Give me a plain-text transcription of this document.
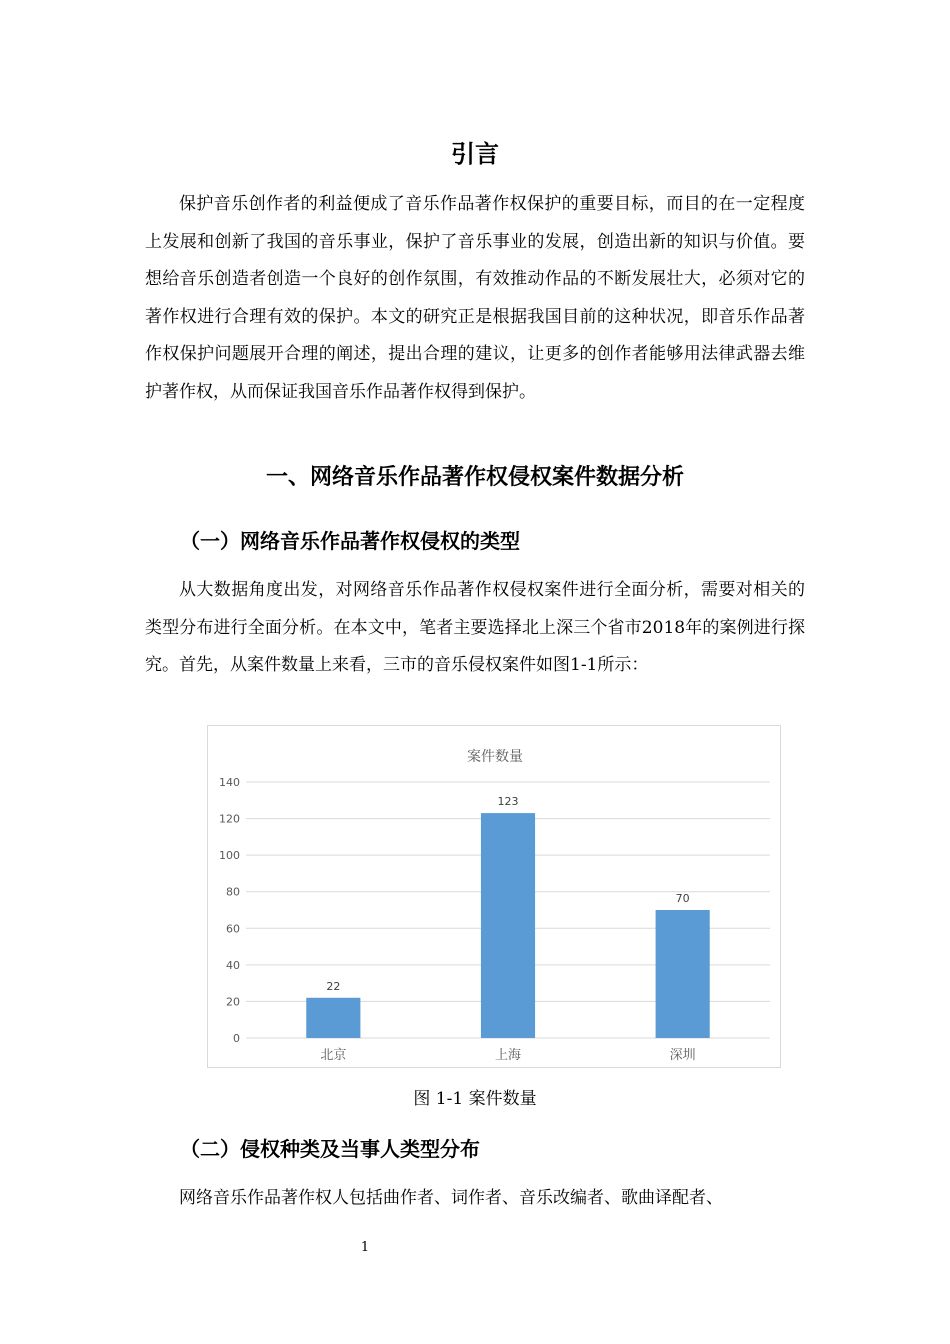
引言

保护音乐创作者的利益便成了音乐作品著作权保护的重要目标，而目的在一定程度上发展和创新了我国的音乐事业，保护了音乐事业的发展，创造出新的知识与价值。要想给音乐创造者创造一个良好的创作氛围，有效推动作品的不断发展壮大，必须对它的著作权进行合理有效的保护。本文的研究正是根据我国目前的这种状况，即音乐作品著作权保护问题展开合理的阐述，提出合理的建议，让更多的创作者能够用法律武器去维护著作权，从而保证我国音乐作品著作权得到保护。

一、网络音乐作品著作权侵权案件数据分析
（一）网络音乐作品著作权侵权的类型

从大数据角度出发，对网络音乐作品著作权侵权案件进行全面分析，需要对相关的类型分布进行全面分析。在本文中，笔者主要选择北上深三个省市2018年的案例进行探究。首先，从案件数量上来看，三市的音乐侵权案件如图1-1所示：

案件数量
0
20
40
60
80
100
120
140
22
北京
123
上海
70
深圳
图 1-1 案件数量
（二）侵权种类及当事人类型分布

网络音乐作品著作权人包括曲作者、词作者、音乐改编者、歌曲译配者、

1
